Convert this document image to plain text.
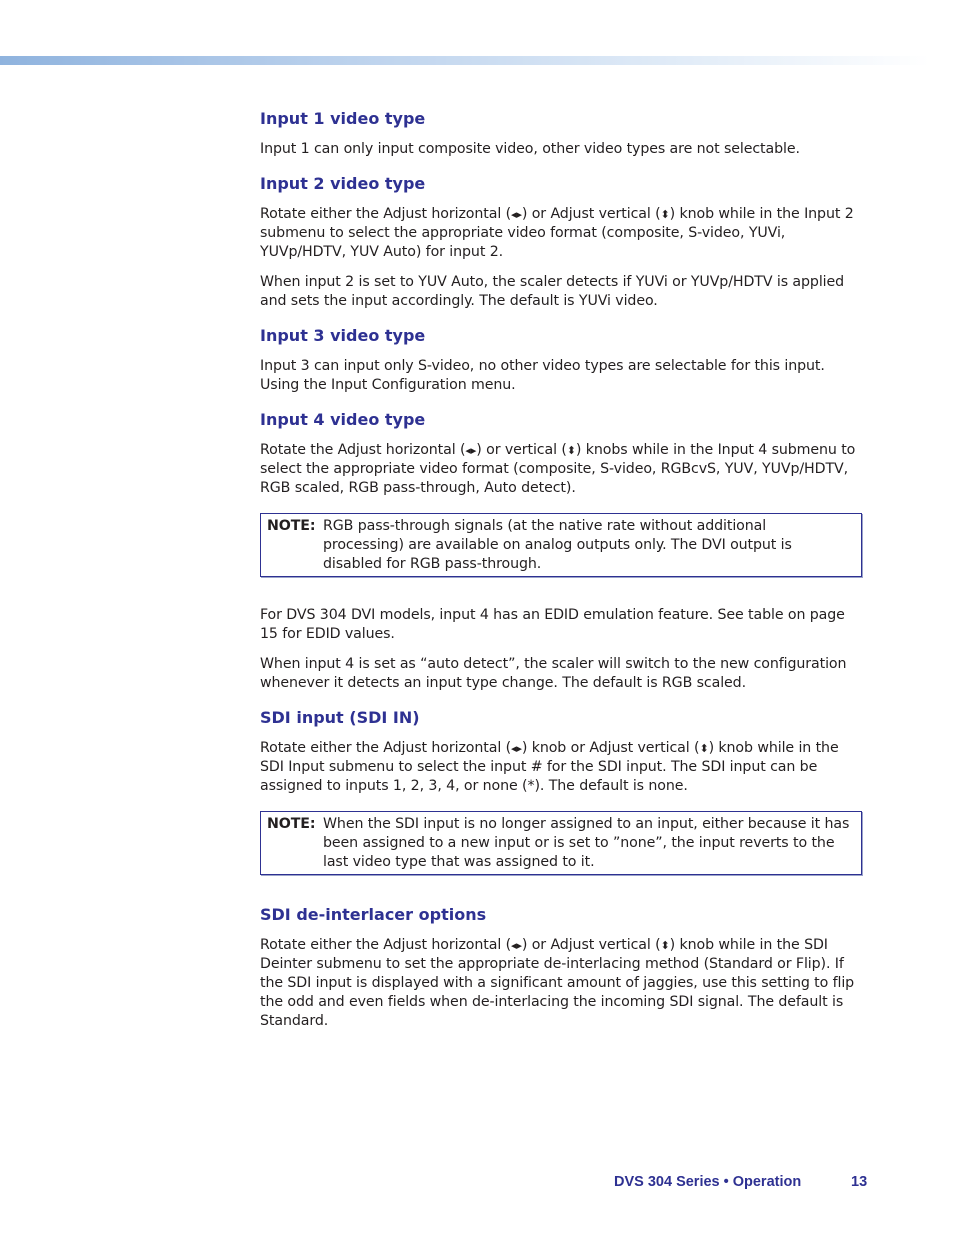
Input 1 video type

Input 1 can only input composite video, other video types are not selectable.

Input 2 video type

Rotate either the Adjust horizontal (◂▸) or Adjust vertical (⬍) knob while in the Input 2 submenu to select the appropriate video format (composite, S-video, YUVi, YUVp/HDTV, YUV Auto) for input 2.

When input 2 is set to YUV Auto, the scaler detects if YUVi or YUVp/HDTV is applied and sets the input accordingly. The default is YUVi video.

Input 3 video type

Input 3 can input only S-video, no other video types are selectable for this input. Using the Input Configuration menu.

Input 4 video type

Rotate the Adjust horizontal (◂▸) or vertical (⬍) knobs while in the Input 4 submenu to select the appropriate video format (composite, S-video, RGBcvS, YUV, YUVp/HDTV, RGB scaled, RGB pass-through, Auto detect).

NOTE: RGB pass-through signals (at the native rate without additional processing) are available on analog outputs only. The DVI output is disabled for RGB pass-through.

For DVS 304 DVI models, input 4 has an EDID emulation feature. See table on page 15 for EDID values.

When input 4 is set as “auto detect”, the scaler will switch to the new configuration whenever it detects an input type change. The default is RGB scaled.

SDI input (SDI IN)

Rotate either the Adjust horizontal (◂▸) knob or Adjust vertical (⬍) knob while in the SDI Input submenu to select the input # for the SDI input. The SDI input can be assigned to inputs 1, 2, 3, 4, or none (*). The default is none.

NOTE: When the SDI input is no longer assigned to an input, either because it has been assigned to a new input or is set to ”none”, the input reverts to the last video type that was assigned to it.
SDI de-interlacer options

Rotate either the Adjust horizontal (◂▸) or Adjust vertical (⬍) knob while in the SDI Deinter submenu to set the appropriate de-interlacing method (Standard or Flip). If the SDI input is displayed with a significant amount of jaggies, use this setting to flip the odd and even fields when de-interlacing the incoming SDI signal. The default is Standard.

DVS 304 Series • Operation	13
